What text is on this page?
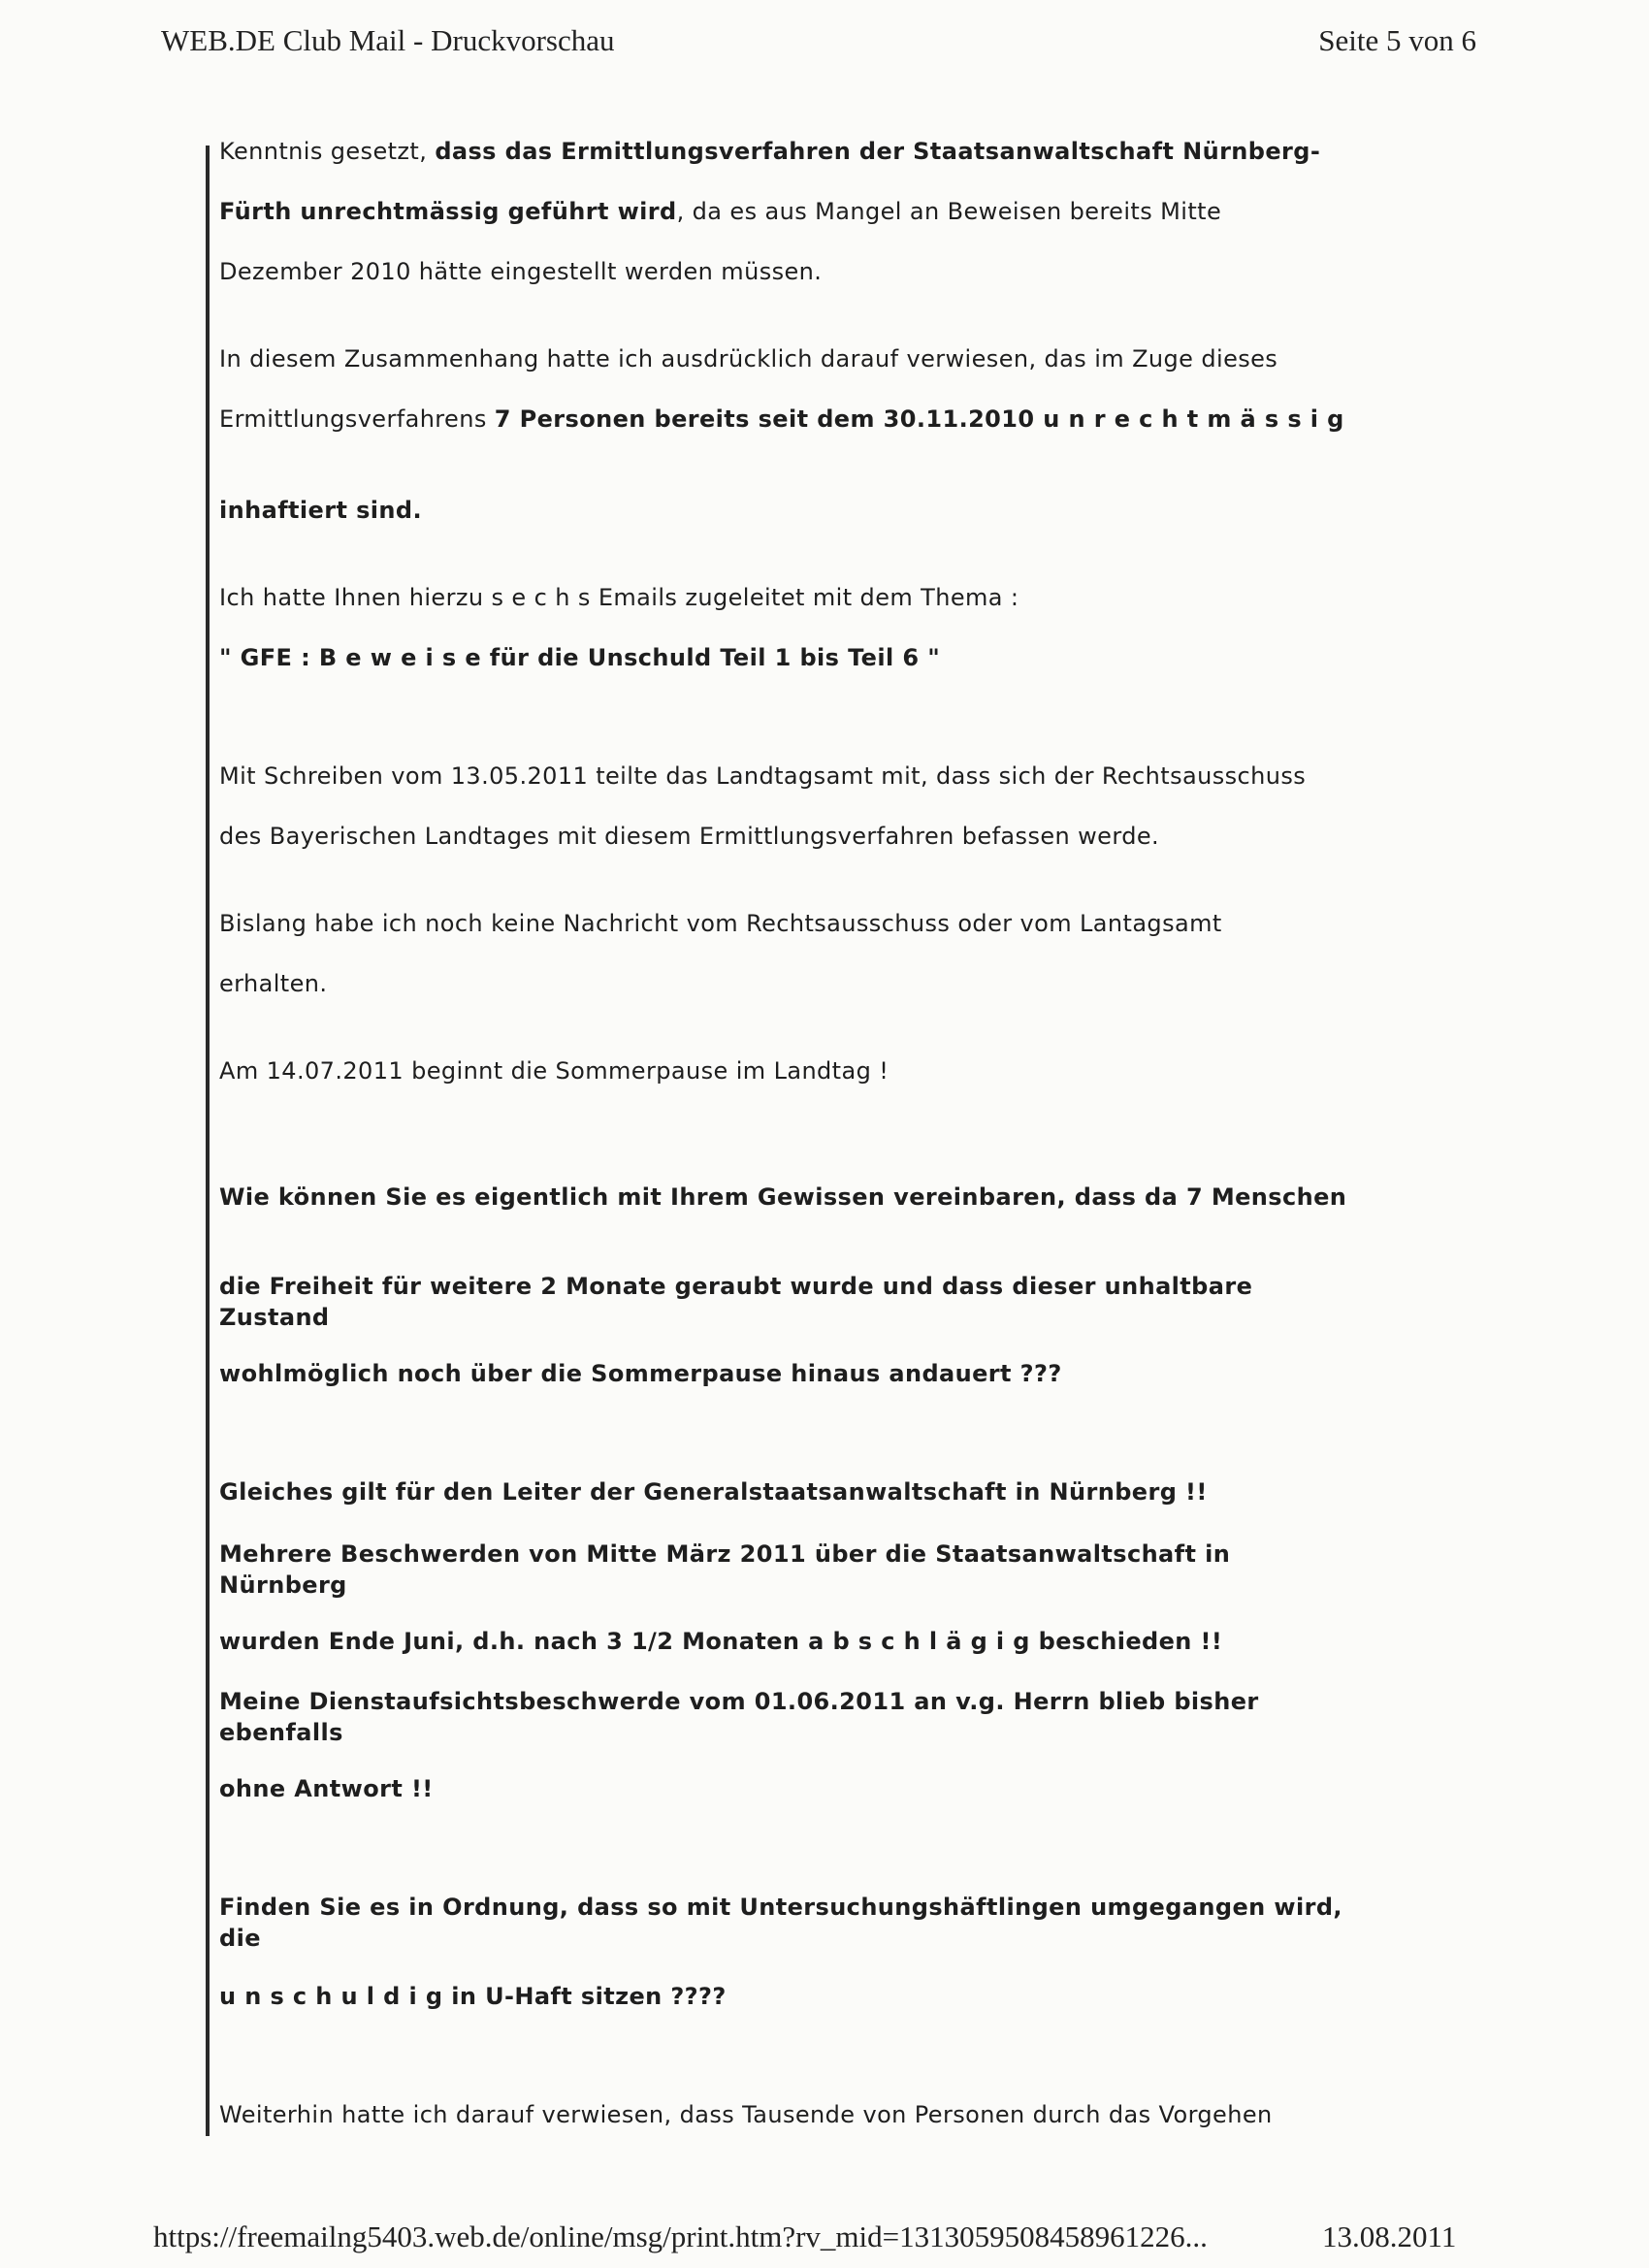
WEB.DE Club Mail - Druckvorschau	Seite 5 von 6
Kenntnis gesetzt, dass das Ermittlungsverfahren der Staatsanwaltschaft Nürnberg-
Fürth unrechtmässig geführt wird, da es aus Mangel an Beweisen bereits Mitte
Dezember 2010 hätte eingestellt werden müssen.
In diesem Zusammenhang hatte ich ausdrücklich darauf verwiesen, das im Zuge dieses
Ermittlungsverfahrens 7 Personen bereits seit dem 30.11.2010 u n r e c h t m ä s s i g
inhaftiert sind.
Ich hatte Ihnen hierzu s e c h s Emails zugeleitet mit dem Thema :
" GFE : B e w e i s e für die Unschuld Teil 1 bis Teil 6 "
Mit Schreiben vom 13.05.2011 teilte das Landtagsamt mit, dass sich der Rechtsausschuss
des Bayerischen Landtages mit diesem Ermittlungsverfahren befassen werde.
Bislang habe ich noch keine Nachricht vom Rechtsausschuss oder vom Lantagsamt
erhalten.
Am 14.07.2011 beginnt die Sommerpause im Landtag !
Wie können Sie es eigentlich mit Ihrem Gewissen vereinbaren, dass da 7 Menschen
die Freiheit für weitere 2 Monate geraubt wurde und dass dieser unhaltbare Zustand
wohlmöglich noch über die Sommerpause hinaus andauert ???
Gleiches gilt für den Leiter der Generalstaatsanwaltschaft in Nürnberg !!
Mehrere Beschwerden von Mitte März 2011 über die Staatsanwaltschaft in Nürnberg
wurden Ende Juni, d.h. nach 3 1/2 Monaten a b s c h l ä g i g beschieden !!
Meine Dienstaufsichtsbeschwerde vom 01.06.2011 an v.g. Herrn blieb bisher ebenfalls
ohne Antwort !!
Finden Sie es in Ordnung, dass so mit Untersuchungshäftlingen umgegangen wird, die
u n s c h u l d i g in U-Haft sitzen ????
Weiterhin hatte ich darauf verwiesen, dass Tausende von Personen durch das Vorgehen
https://freemailng5403.web.de/online/msg/print.htm?rv_mid=1313059508458961226...	13.08.2011
